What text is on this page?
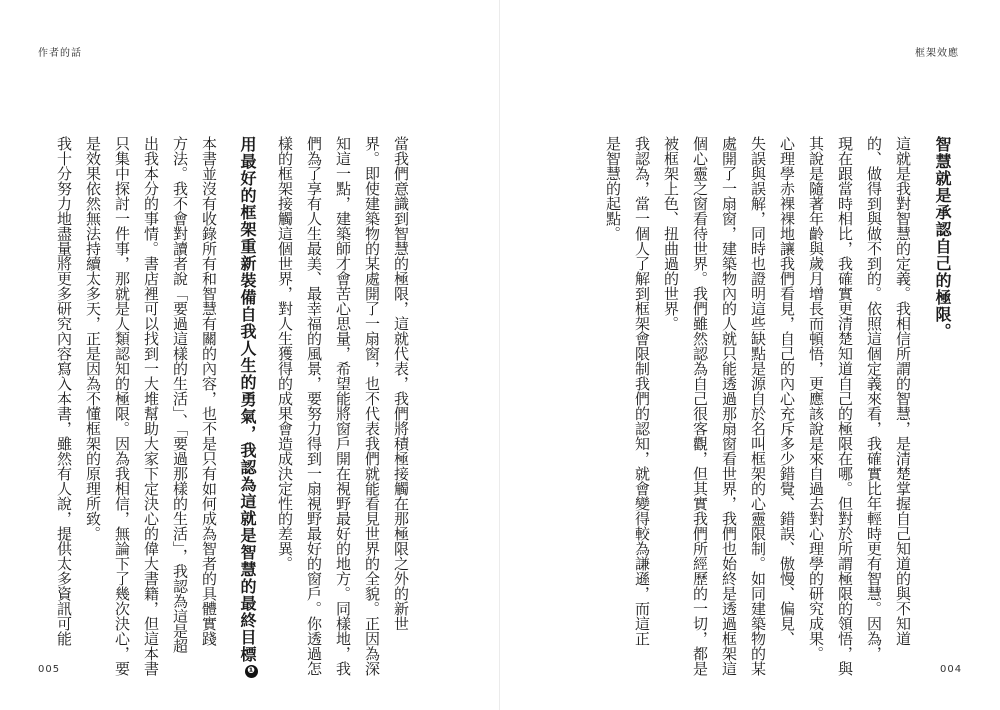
作者的話
當我們意識到智慧的極限，這就代表，我們將積極接觸在那極限之外的新世
界。即使建築物的某處開了一扇窗，也不代表我們就能看見世界的全貌。正因為深
知這一點，建築師才會苦心思量，希望能將窗戶開在視野最好的地方。同樣地，我
們為了享有人生最美、最幸福的風景，要努力得到一扇視野最好的窗戶。你透過怎
樣的框架接觸這個世界，對人生獲得的成果會造成決定性的差異。
用最好的框架重新裝備自我人生的勇氣，我認為這就是智慧的最終目標❶
本書並沒有收錄所有和智慧有關的內容，也不是只有如何成為智者的具體實踐
方法。我不會對讀者說「要過這樣的生活」、「要過那樣的生活」，我認為這是超
出我本分的事情。書店裡可以找到一大堆幫助大家下定決心的偉大書籍，但這本書
只集中探討一件事，那就是人類認知的極限。因為我相信，無論下了幾次決心，要
是效果依然無法持續太多天，正是因為不懂框架的原理所致。
我十分努力地盡量將更多研究內容寫入本書，雖然有人說，提供太多資訊可能
005
框架效應
智慧就是承認自己的極限。
這就是我對智慧的定義。我相信所謂的智慧，是清楚掌握自己知道的與不知道
的、做得到與做不到的。依照這個定義來看，我確實比年輕時更有智慧。因為，
現在跟當時相比，我確實更清楚知道自己的極限在哪。但對於所謂極限的領悟，與
其說是隨著年齡與歲月增長而頓悟，更應該說是來自過去對心理學的研究成果。
心理學赤裸裸地讓我們看見，自己的內心充斥多少錯覺、錯誤、傲慢、偏見、
失誤與誤解，同時也證明這些缺點是源自於名叫框架的心靈限制。如同建築物的某
處開了一扇窗，建築物內的人就只能透過那扇窗看世界，我們也始終是透過框架這
個心靈之窗看待世界。我們雖然認為自己很客觀，但其實我們所經歷的一切，都是
被框架上色、扭曲過的世界。
我認為，當一個人了解到框架會限制我們的認知，就會變得較為謙遜，而這正
是智慧的起點。
004
